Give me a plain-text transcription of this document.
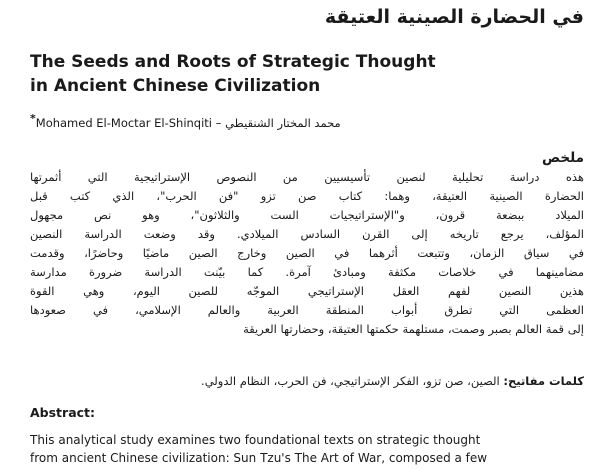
في الحضارة الصينية العتيقة
The Seeds and Roots of Strategic Thought
in Ancient Chinese Civilization
*Mohamed El-Moctar El-Shinqiti – محمد المختار الشنقيطي
ملخص
هذه دراسة تحليلية لنصين تأسيسيين من النصوص الإستراتيجية التي أثمرتها
الحضارة الصينية العتيقة، وهما: كتاب صن تزو "فن الحرب"، الذي كتب قبل
الميلاد ببضعة قرون، و"الإستراتيجيات الست والثلاثون"، وهو نص مجهول
المؤلف، يرجع تاريخه إلى القرن السادس الميلادي. وقد وضعت الدراسة النصين
في سياق الزمان، وتتبعت أثرهما في الصين وخارج الصين ماضيًا وحاضرًا، وقدمت
مضامينهما في خلاصات مكثفة ومبادئ آمرة. كما بيّنت الدراسة ضرورة مدارسة
هذين النصين لفهم العقل الإستراتيجي الموجّه للصين اليوم، وهي القوة
العظمى التي تطرق أبواب المنطقة العربية والعالم الإسلامي، في صعودها
إلى قمة العالم بصبر وصمت، مستلهمة حكمتها العتيقة، وحضارتها العريقة
كلمات مفاتيح: الصين، صن تزو، الفكر الإستراتيجي، فن الحرب، النظام الدولي.
Abstract:
This analytical study examines two foundational texts on strategic thought
from ancient Chinese civilization: Sun Tzu's The Art of War, composed a few
